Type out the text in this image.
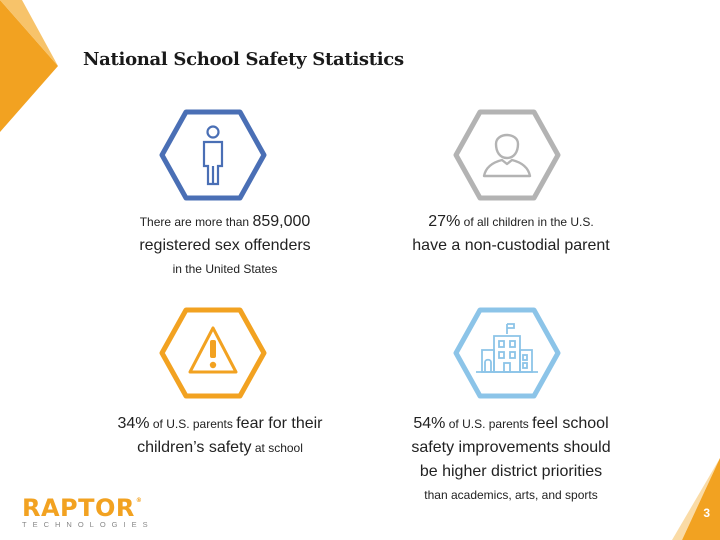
National School Safety Statistics
There are more than 859,000
registered sex offenders
in the United States
27% of all children in the U.S.
have a non-custodial parent
34% of U.S. parents fear for their
children’s safety at school
54% of U.S. parents feel school
safety improvements should
be higher district priorities
than academics, arts, and sports
RAPTOR ®
TECHNOLOGIES
3
